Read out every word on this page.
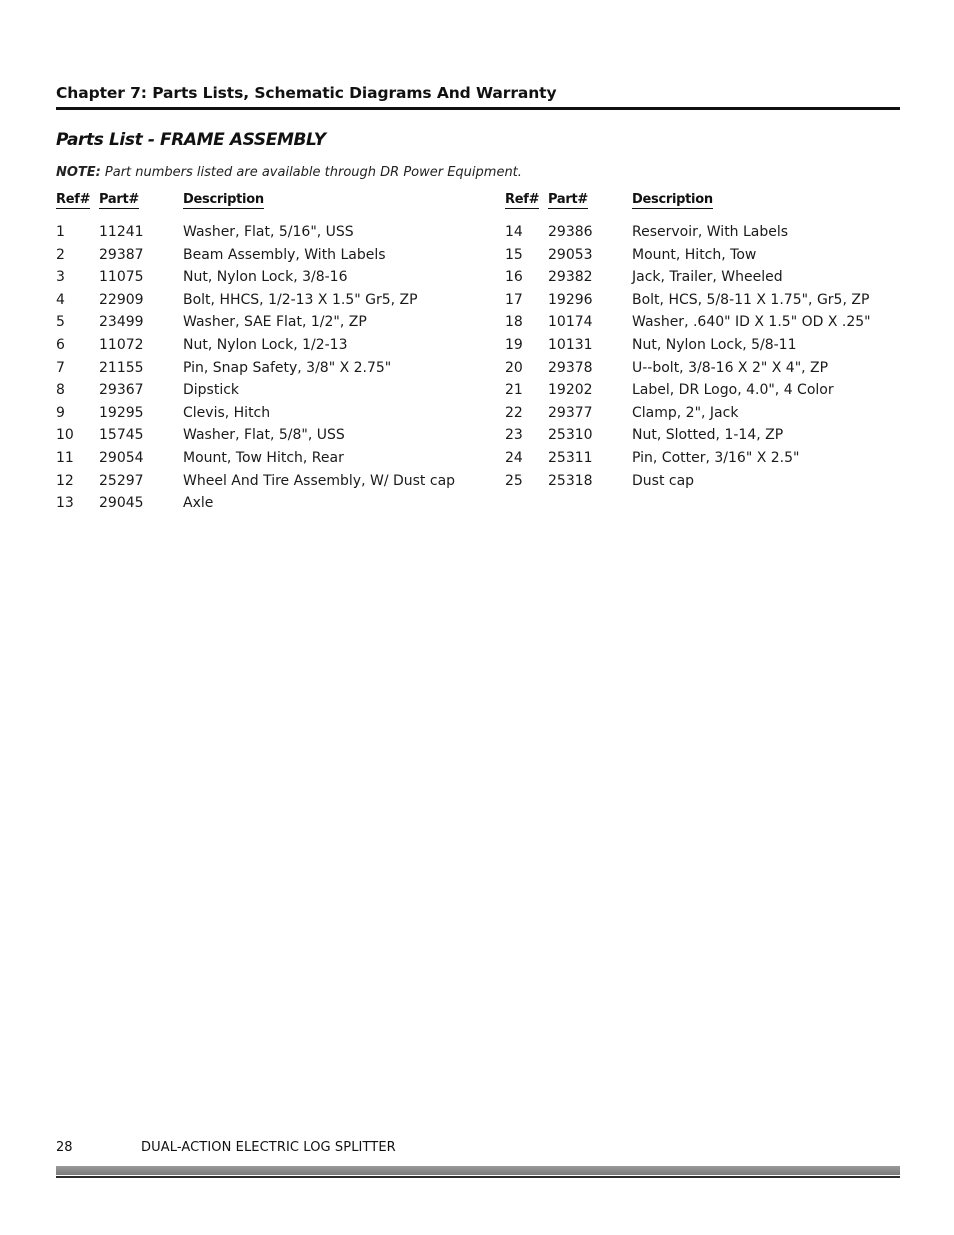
Chapter 7: Parts Lists, Schematic Diagrams And Warranty
Parts List - FRAME ASSEMBLY
NOTE: Part numbers listed are available through DR Power Equipment.
Ref# Part#	Description
1 11241	Washer, Flat, 5/16", USS
2 29387	Beam Assembly, With Labels
3 11075	Nut, Nylon Lock, 3/8-16
4 22909	Bolt, HHCS, 1/2-13 X 1.5" Gr5, ZP
5 23499	Washer, SAE Flat, 1/2", ZP
6 11072	Nut, Nylon Lock, 1/2-13
7 21155	Pin, Snap Safety, 3/8" X 2.75"
8 29367	Dipstick
9 19295	Clevis, Hitch
10 15745	Washer, Flat, 5/8", USS
11 29054	Mount, Tow Hitch, Rear
12 25297	Wheel And Tire Assembly, W/ Dust cap
13 29045	Axle
Ref# Part#	Description
14 29386	Reservoir, With Labels
15 29053	Mount, Hitch, Tow
16 29382	Jack, Trailer, Wheeled
17 19296	Bolt, HCS, 5/8-11 X 1.75", Gr5, ZP
18 10174	Washer, .640" ID X 1.5" OD X .25"
19 10131	Nut, Nylon Lock, 5/8-11
20 29378	U--bolt, 3/8-16 X 2" X 4", ZP
21 19202	Label, DR Logo, 4.0", 4 Color
22 29377	Clamp, 2", Jack
23 25310	Nut, Slotted, 1-14, ZP
24 25311	Pin, Cotter, 3/16" X 2.5"
25 25318	Dust cap
28	DUAL-ACTION ELECTRIC LOG SPLITTER
